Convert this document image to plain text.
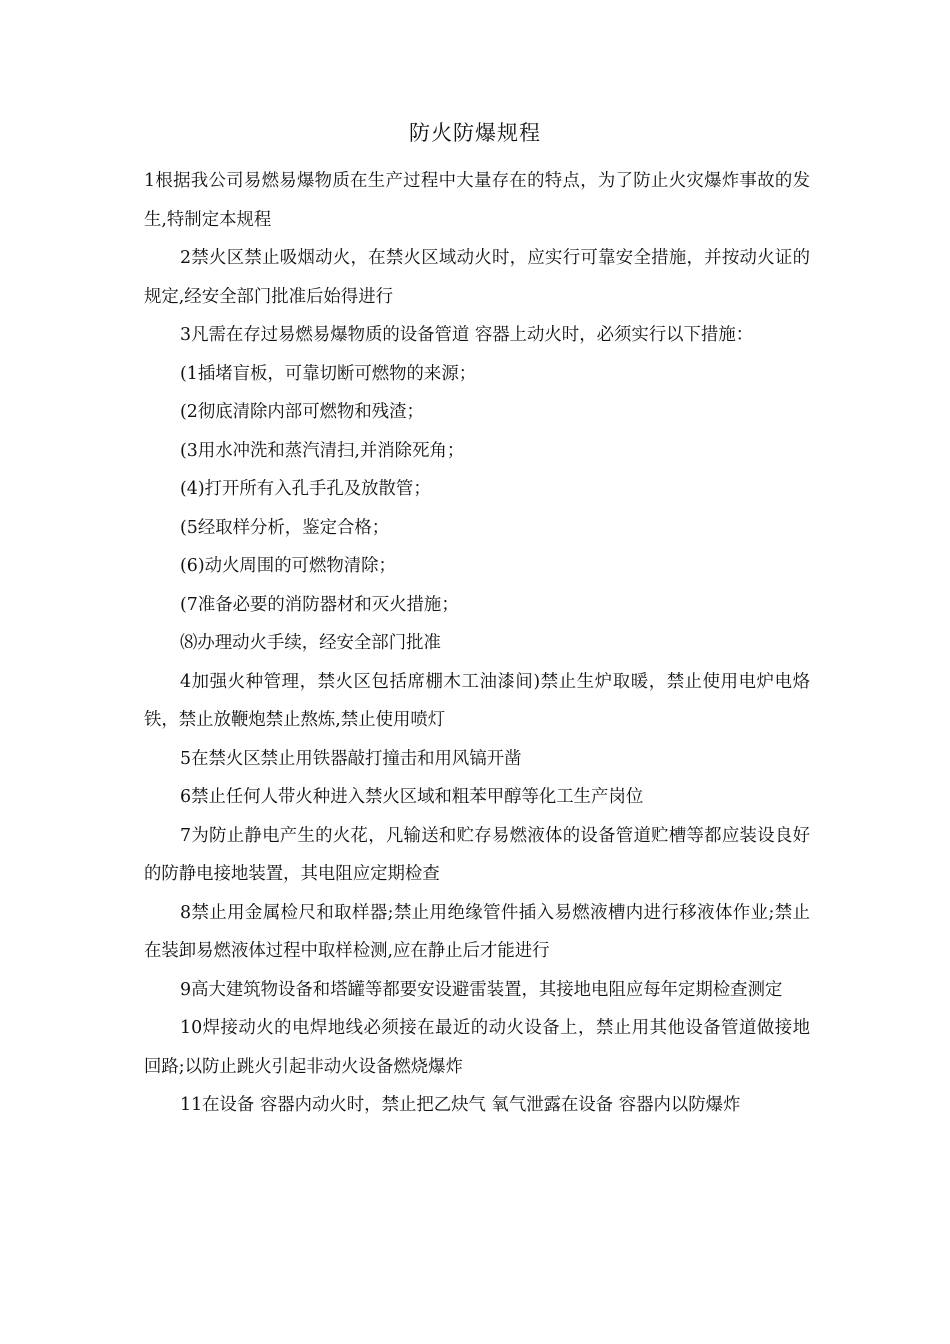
防火防爆规程

1根据我公司易燃易爆物质在生产过程中大量存在的特点，为了防止火灾爆炸事故的发生,特制定本规程

2禁火区禁止吸烟动火，在禁火区域动火时，应实行可靠安全措施，并按动火证的规定,经安全部门批准后始得进行

3凡需在存过易燃易爆物质的设备管道 容器上动火时，必须实行以下措施：

(1插堵盲板，可靠切断可燃物的来源；

(2彻底清除内部可燃物和残渣；

(3用水冲洗和蒸汽清扫,并消除死角；

(4)打开所有入孔手孔及放散管；

(5经取样分析，鉴定合格；

(6)动火周围的可燃物清除；

(7准备必要的消防器材和灭火措施；

⑻办理动火手续，经安全部门批准

4加强火种管理，禁火区包括席棚木工油漆间)禁止生炉取暖，禁止使用电炉电烙铁，禁止放鞭炮禁止熬炼,禁止使用喷灯

5在禁火区禁止用铁器敲打撞击和用风镐开凿

6禁止任何人带火种进入禁火区域和粗苯甲醇等化工生产岗位

7为防止静电产生的火花，凡输送和贮存易燃液体的设备管道贮槽等都应装设良好的防静电接地装置，其电阻应定期检查

8禁止用金属检尺和取样器;禁止用绝缘管件插入易燃液槽内进行移液体作业;禁止在装卸易燃液体过程中取样检测,应在静止后才能进行

9高大建筑物设备和塔罐等都要安设避雷装置，其接地电阻应每年定期检查测定

10焊接动火的电焊地线必须接在最近的动火设备上，禁止用其他设备管道做接地回路;以防止跳火引起非动火设备燃烧爆炸

11在设备 容器内动火时，禁止把乙炔气 氧气泄露在设备 容器内以防爆炸
